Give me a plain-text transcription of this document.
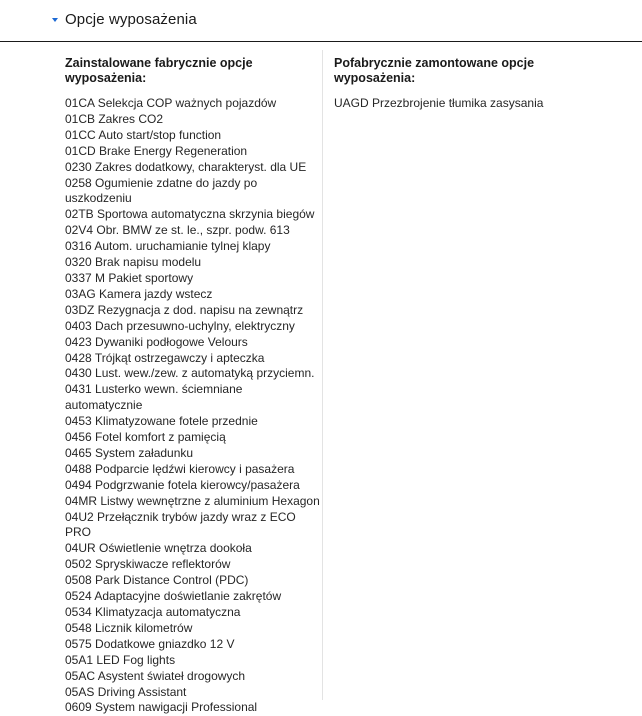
Opcje wyposażenia
Zainstalowane fabrycznie opcje wyposażenia:
01CA Selekcja COP ważnych pojazdów
01CB Zakres CO2
01CC Auto start/stop function
01CD Brake Energy Regeneration
0230 Zakres dodatkowy, charakteryst. dla UE
0258 Ogumienie zdatne do jazdy po uszkodzeniu
02TB Sportowa automatyczna skrzynia biegów
02V4 Obr. BMW ze st. le., szpr. podw. 613
0316 Autom. uruchamianie tylnej klapy
0320 Brak napisu modelu
0337 M Pakiet sportowy
03AG Kamera jazdy wstecz
03DZ Rezygnacja z dod. napisu na zewnątrz
0403 Dach przesuwno-uchylny, elektryczny
0423 Dywaniki podłogowe Velours
0428 Trójkąt ostrzegawczy i apteczka
0430 Lust. wew./zew. z automatyką przyciemn.
0431 Lusterko wewn. ściemniane automatycznie
0453 Klimatyzowane fotele przednie
0456 Fotel komfort z pamięcią
0465 System załadunku
0488 Podparcie lędźwi kierowcy i pasażera
0494 Podgrzwanie fotela kierowcy/pasażera
04MR Listwy wewnętrzne z aluminium Hexagon
04U2 Przełącznik trybów jazdy wraz z ECO PRO
04UR Oświetlenie wnętrza dookoła
0502 Spryskiwacze reflektorów
0508 Park Distance Control (PDC)
0524 Adaptacyjne doświetlanie zakrętów
0534 Klimatyzacja automatyczna
0548 Licznik kilometrów
0575 Dodatkowe gniazdko 12 V
05A1 LED Fog lights
05AC Asystent świateł drogowych
05AS Driving Assistant
0609 System nawigacji Professional
Pofabrycznie zamontowane opcje wyposażenia:
UAGD Przezbrojenie tłumika zasysania
